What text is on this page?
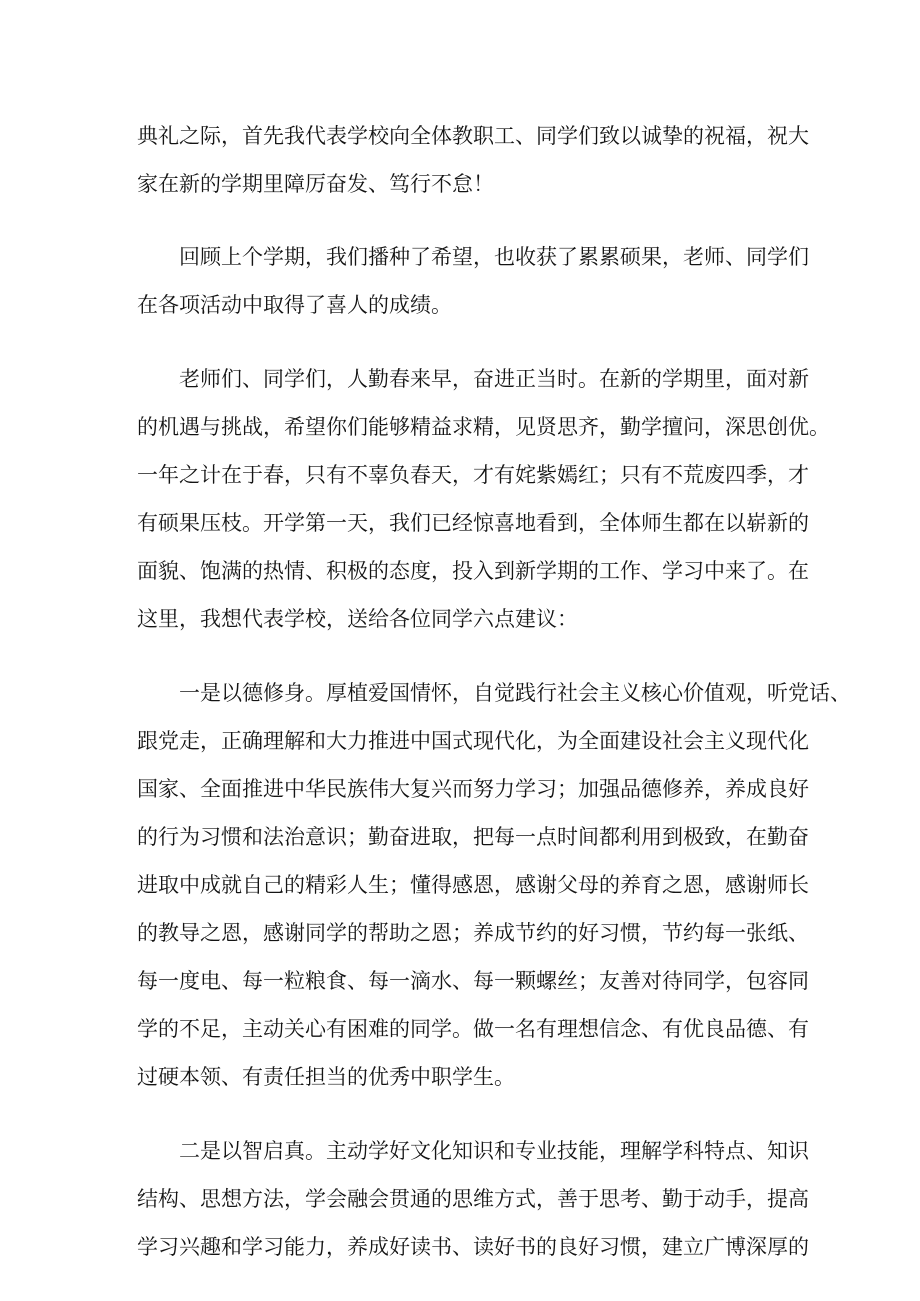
典礼之际，首先我代表学校向全体教职工、同学们致以诚挚的祝福，祝大
家在新的学期里障厉奋发、笃行不怠！
回顾上个学期，我们播种了希望，也收获了累累硕果，老师、同学们
在各项活动中取得了喜人的成绩。
老师们、同学们，人勤春来早，奋进正当时。在新的学期里，面对新
的机遇与挑战，希望你们能够精益求精，见贤思齐，勤学擅问，深思创优。
一年之计在于春，只有不辜负春天，才有姹紫嫣红；只有不荒废四季，才
有硕果压枝。开学第一天，我们已经惊喜地看到，全体师生都在以崭新的
面貌、饱满的热情、积极的态度，投入到新学期的工作、学习中来了。在
这里，我想代表学校，送给各位同学六点建议：
一是以德修身。厚植爱国情怀，自觉践行社会主义核心价值观，听党话、
跟党走，正确理解和大力推进中国式现代化，为全面建设社会主义现代化
国家、全面推进中华民族伟大复兴而努力学习；加强品德修养，养成良好
的行为习惯和法治意识；勤奋进取，把每一点时间都利用到极致，在勤奋
进取中成就自己的精彩人生；懂得感恩，感谢父母的养育之恩，感谢师长
的教导之恩，感谢同学的帮助之恩；养成节约的好习惯，节约每一张纸、
每一度电、每一粒粮食、每一滴水、每一颗螺丝；友善对待同学，包容同
学的不足，主动关心有困难的同学。做一名有理想信念、有优良品德、有
过硬本领、有责任担当的优秀中职学生。
二是以智启真。主动学好文化知识和专业技能，理解学科特点、知识
结构、思想方法，学会融会贯通的思维方式，善于思考、勤于动手，提高
学习兴趣和学习能力，养成好读书、读好书的良好习惯，建立广博深厚的
